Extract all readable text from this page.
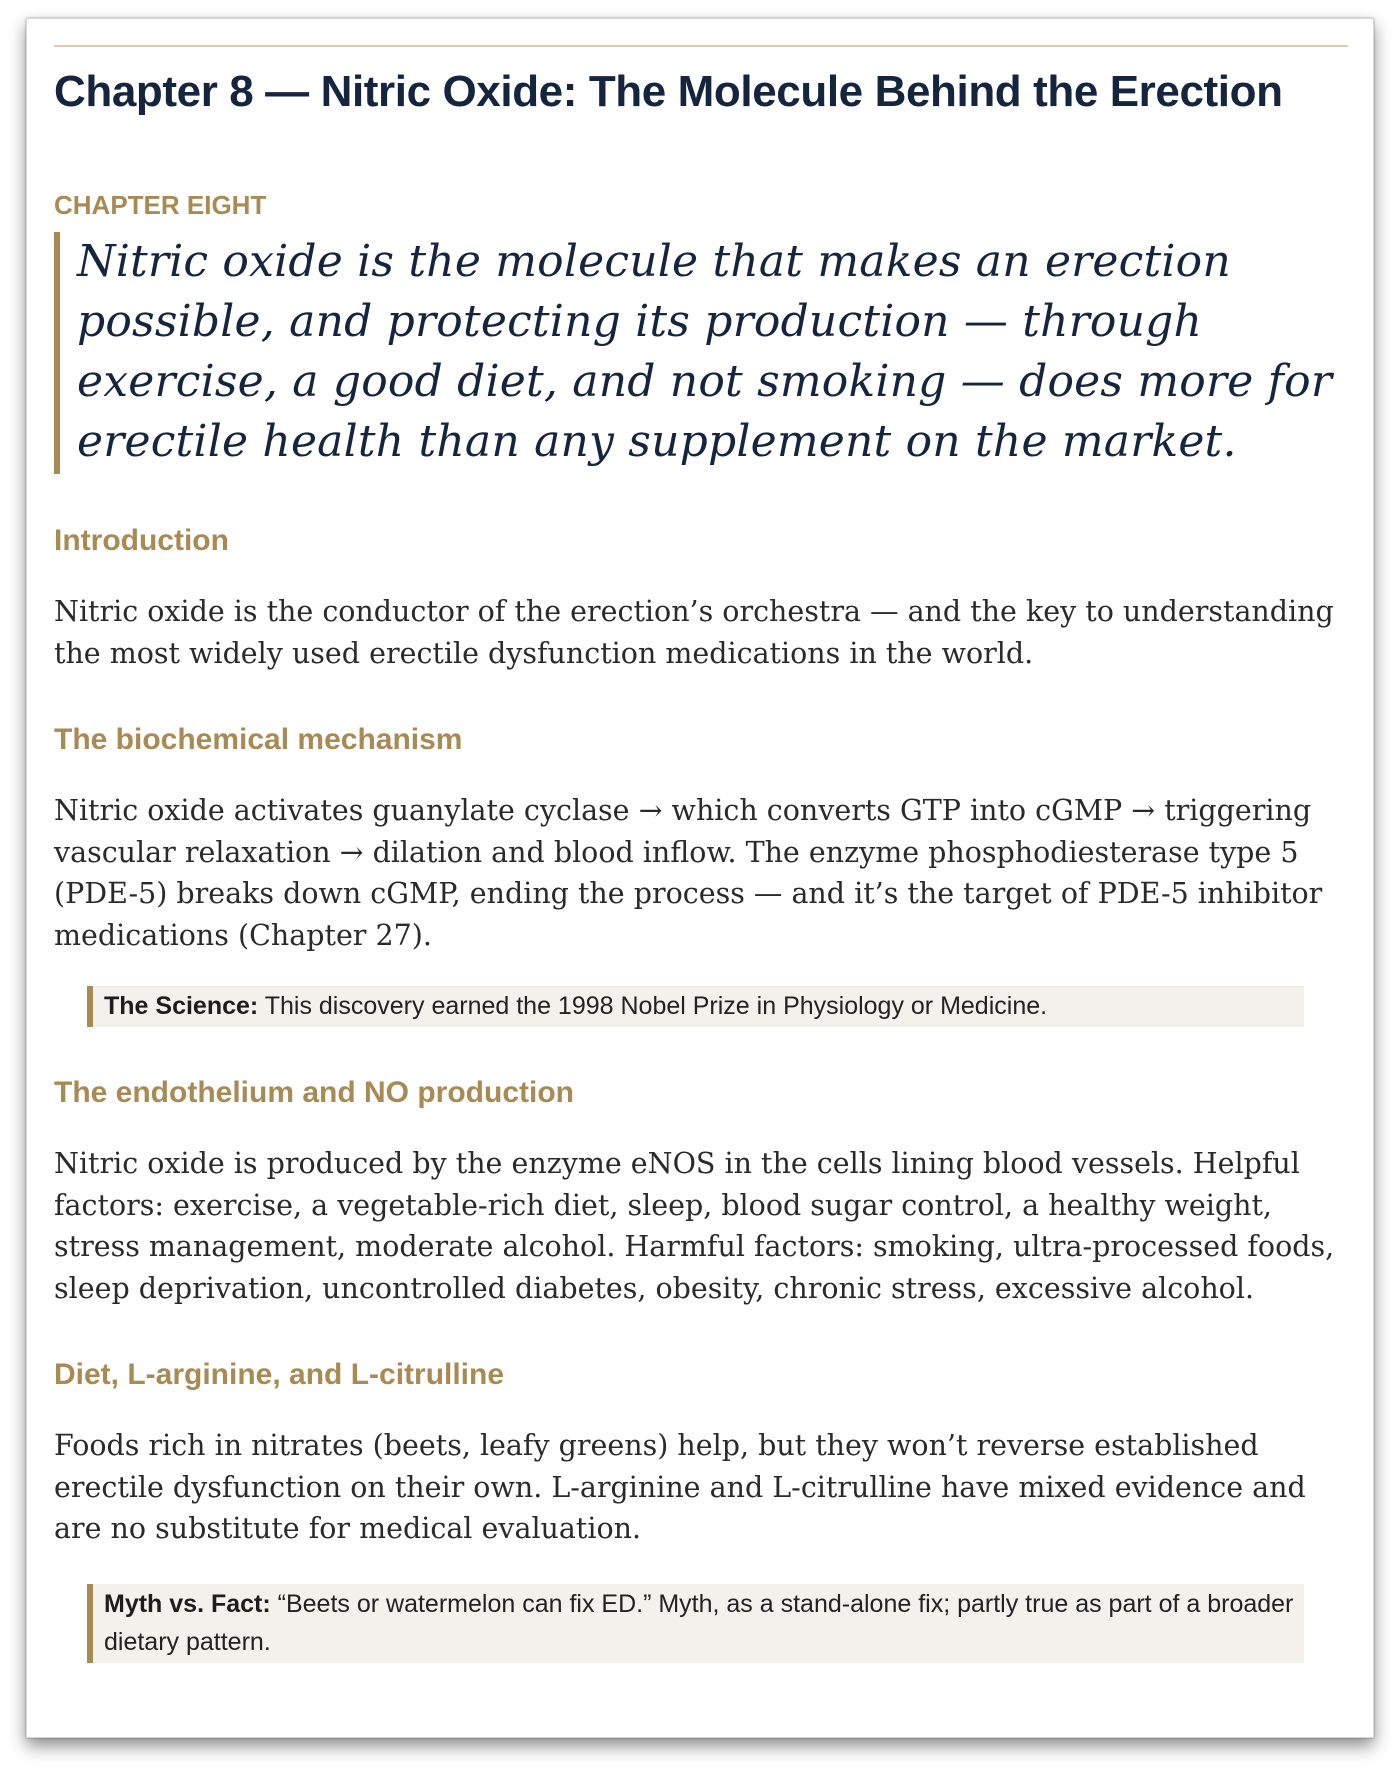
Chapter 8 — Nitric Oxide: The Molecule Behind the Erection
CHAPTER EIGHT
Nitric oxide is the molecule that makes an erection possible, and protecting its production — through exercise, a good diet, and not smoking — does more for erectile health than any supplement on the market.
Introduction

Nitric oxide is the conductor of the erection’s orchestra — and the key to understanding the most widely used erectile dysfunction medications in the world.

The biochemical mechanism

Nitric oxide activates guanylate cyclase → which converts GTP into cGMP → triggering vascular relaxation → dilation and blood inflow. The enzyme phosphodiesterase type 5 (PDE-5) breaks down cGMP, ending the process — and it’s the target of PDE-5 inhibitor medications (Chapter 27).

The Science: This discovery earned the 1998 Nobel Prize in Physiology or Medicine.
The endothelium and NO production

Nitric oxide is produced by the enzyme eNOS in the cells lining blood vessels. Helpful factors: exercise, a vegetable-rich diet, sleep, blood sugar control, a healthy weight, stress management, moderate alcohol. Harmful factors: smoking, ultra-processed foods, sleep deprivation, uncontrolled diabetes, obesity, chronic stress, excessive alcohol.

Diet, L-arginine, and L-citrulline

Foods rich in nitrates (beets, leafy greens) help, but they won’t reverse established erectile dysfunction on their own. L-arginine and L-citrulline have mixed evidence and are no substitute for medical evaluation.

Myth vs. Fact: “Beets or watermelon can fix ED.” Myth, as a stand-alone fix; partly true as part of a broader dietary pattern.
